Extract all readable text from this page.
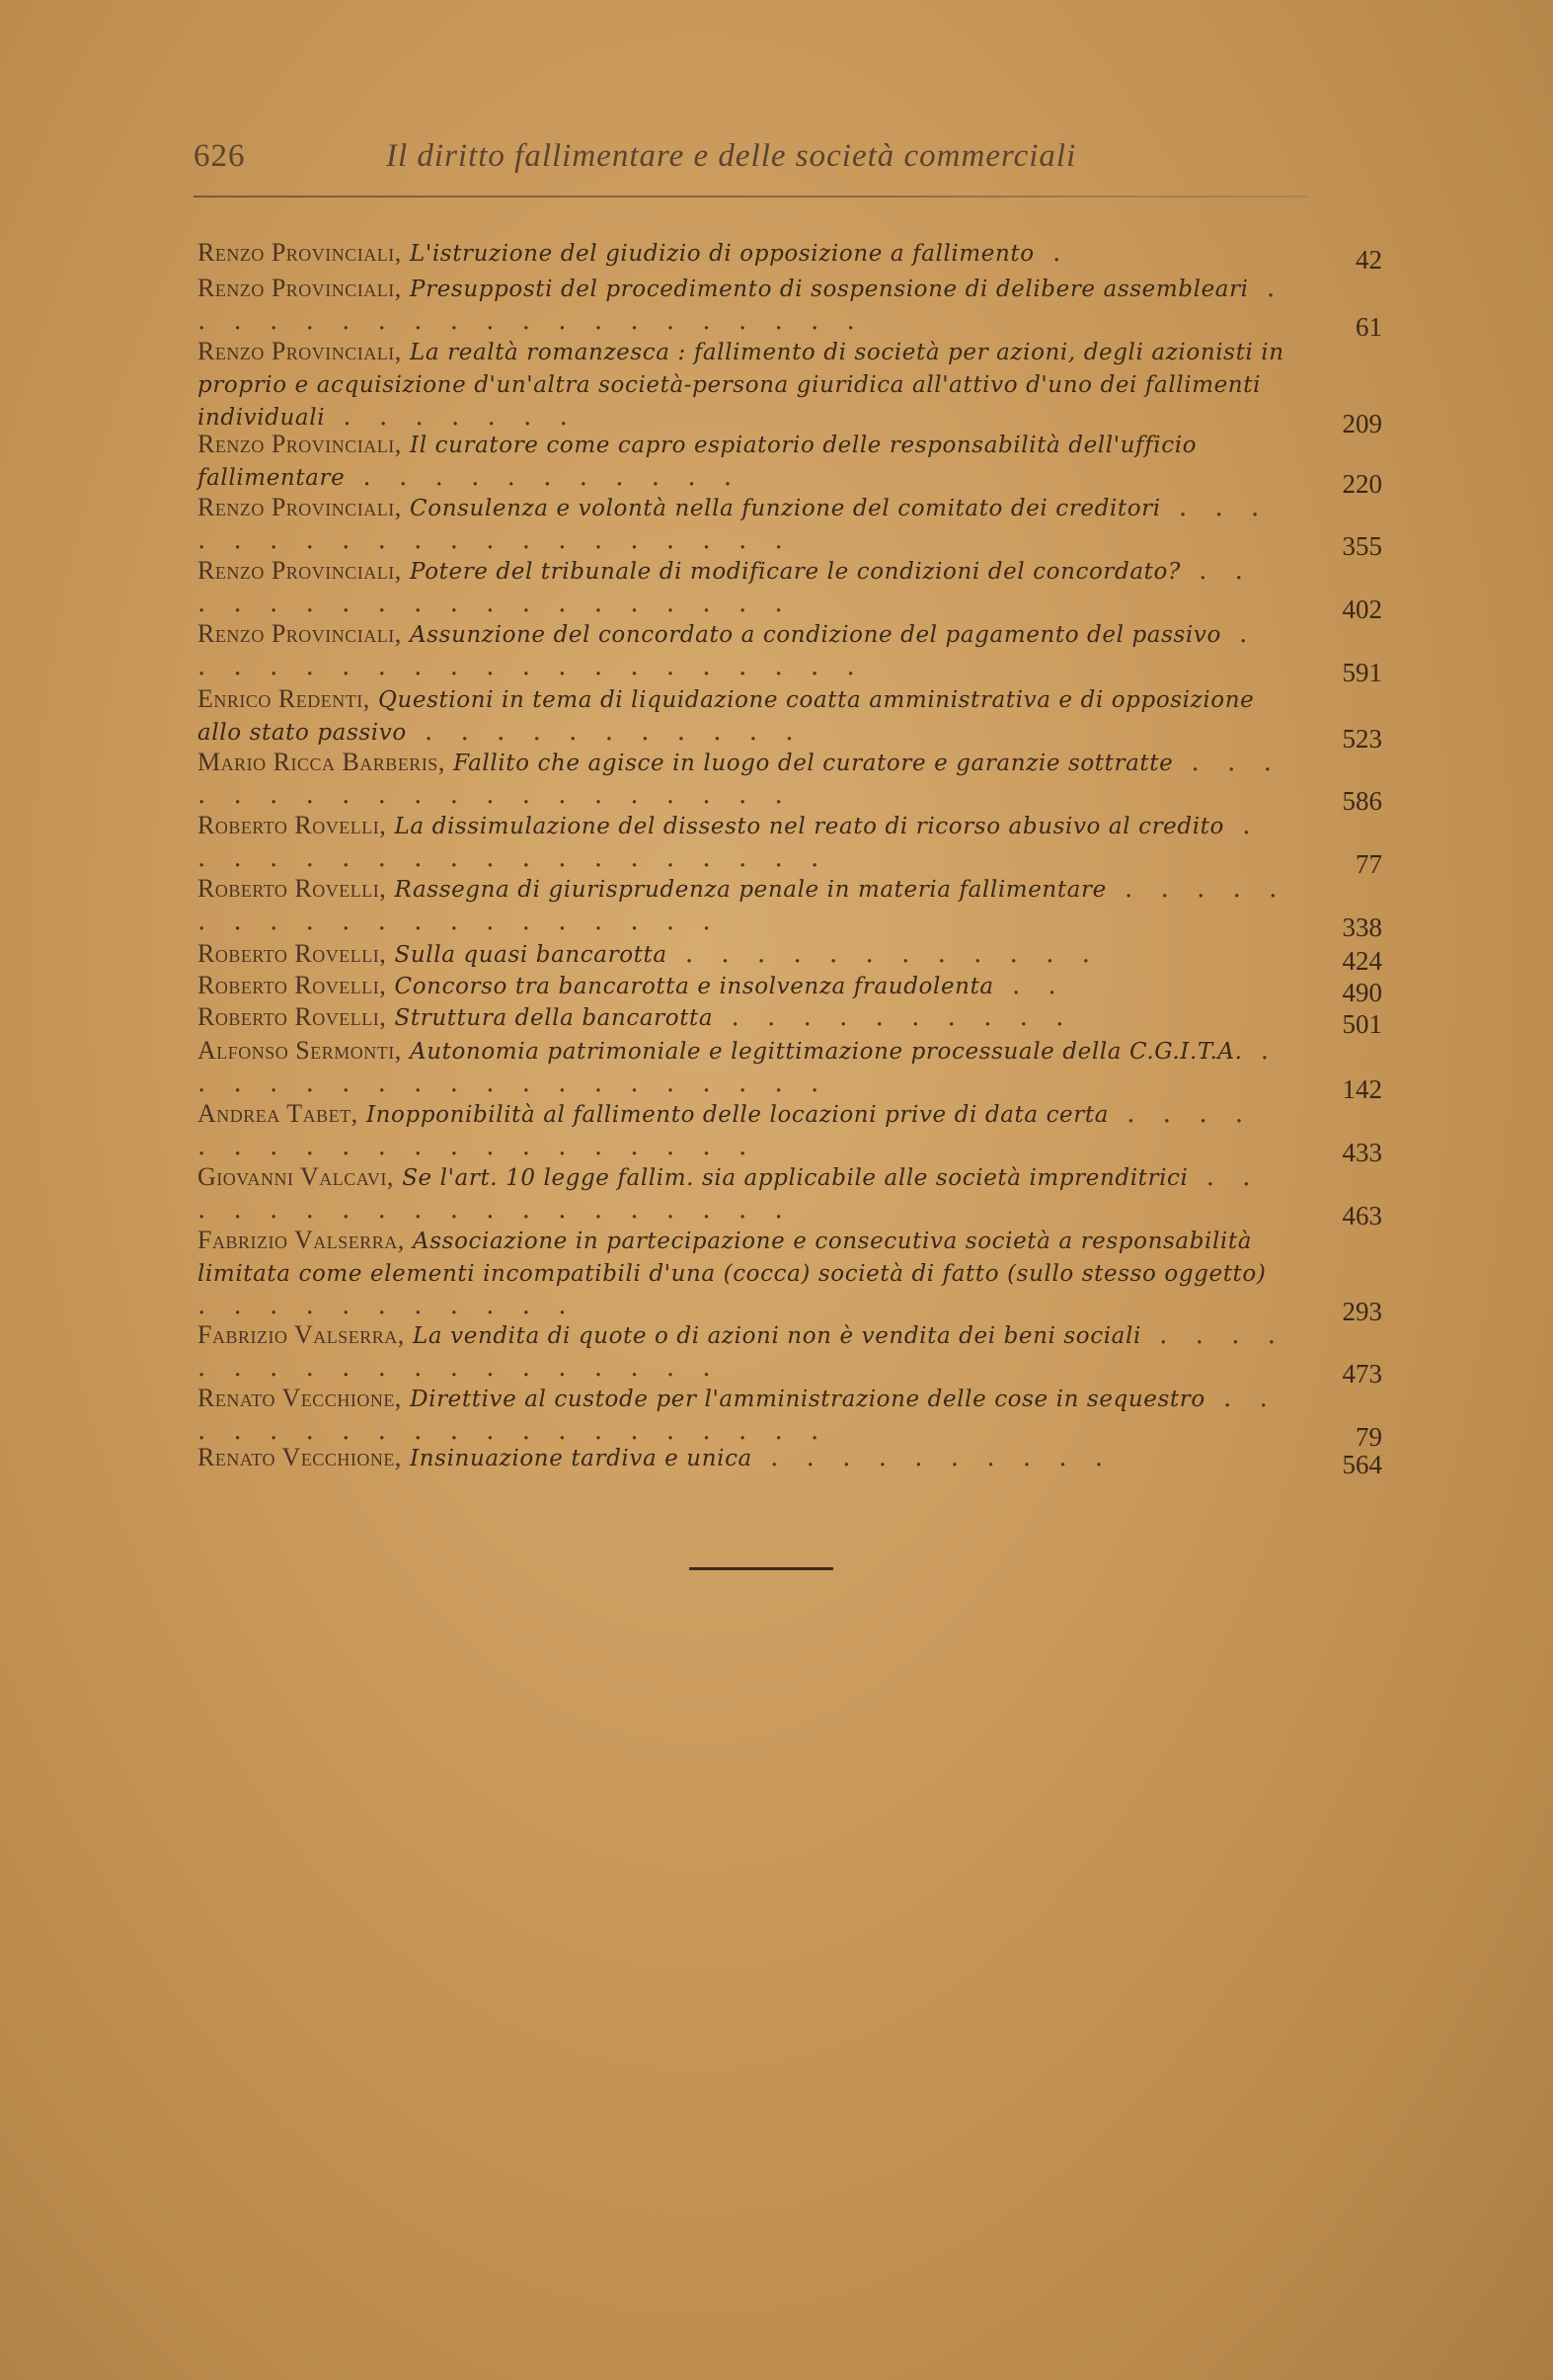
626	Il diritto fallimentare e delle società commerciali
Renzo Provinciali, L'istruzione del giudizio di opposizione a fallimento .	42
Renzo Provinciali, Presupposti del procedimento di sospensione di delibere assembleari . . . . . . . . . . . . . . . . . . . .	61
Renzo Provinciali, La realtà romanzesca : fallimento di società per azioni, degli azionisti in proprio e acquisizione d'un'altra società-persona giuridica all'attivo d'uno dei fallimenti individuali . . . . . . .	209
Renzo Provinciali, Il curatore come capro espiatorio delle responsabilità dell'ufficio fallimentare . . . . . . . . . . .	220
Renzo Provinciali, Consulenza e volontà nella funzione del comitato dei creditori . . . . . . . . . . . . . . . . . . . .	355
Renzo Provinciali, Potere del tribunale di modificare le condizioni del concordato? . . . . . . . . . . . . . . . . . . .	402
Renzo Provinciali, Assunzione del concordato a condizione del pagamento del passivo . . . . . . . . . . . . . . . . . . . .	591
Enrico Redenti, Questioni in tema di liquidazione coatta amministrativa e di opposizione allo stato passivo . . . . . . . . . . .	523
Mario Ricca Barberis, Fallito che agisce in luogo del curatore e garanzie sottratte . . . . . . . . . . . . . . . . . . . .	586
Roberto Rovelli, La dissimulazione del dissesto nel reato di ricorso abusivo al credito . . . . . . . . . . . . . . . . . . .	77
Roberto Rovelli, Rassegna di giurisprudenza penale in materia fallimentare . . . . . . . . . . . . . . . . . . . .	338
Roberto Rovelli, Sulla quasi bancarotta . . . . . . . . . . . .	424
Roberto Rovelli, Concorso tra bancarotta e insolvenza fraudolenta . .	490
Roberto Rovelli, Struttura della bancarotta . . . . . . . . . .	501
Alfonso Sermonti, Autonomia patrimoniale e legittimazione processuale della C.G.I.T.A. . . . . . . . . . . . . . . . . . . .	142
Andrea Tabet, Inopponibilità al fallimento delle locazioni prive di data certa . . . . . . . . . . . . . . . . . . . .	433
Giovanni Valcavi, Se l'art. 10 legge fallim. sia applicabile alle società imprenditrici . . . . . . . . . . . . . . . . . . .	463
Fabrizio Valserra, Associazione in partecipazione e consecutiva società a responsabilità limitata come elementi incompatibili d'una (cocca) società di fatto (sullo stesso oggetto) . . . . . . . . . . .	293
Fabrizio Valserra, La vendita di quote o di azioni non è vendita dei beni sociali . . . . . . . . . . . . . . . . . . .	473
Renato Vecchione, Direttive al custode per l'amministrazione delle cose in sequestro . . . . . . . . . . . . . . . . . . . .	79
Renato Vecchione, Insinuazione tardiva e unica . . . . . . . . . .	564
